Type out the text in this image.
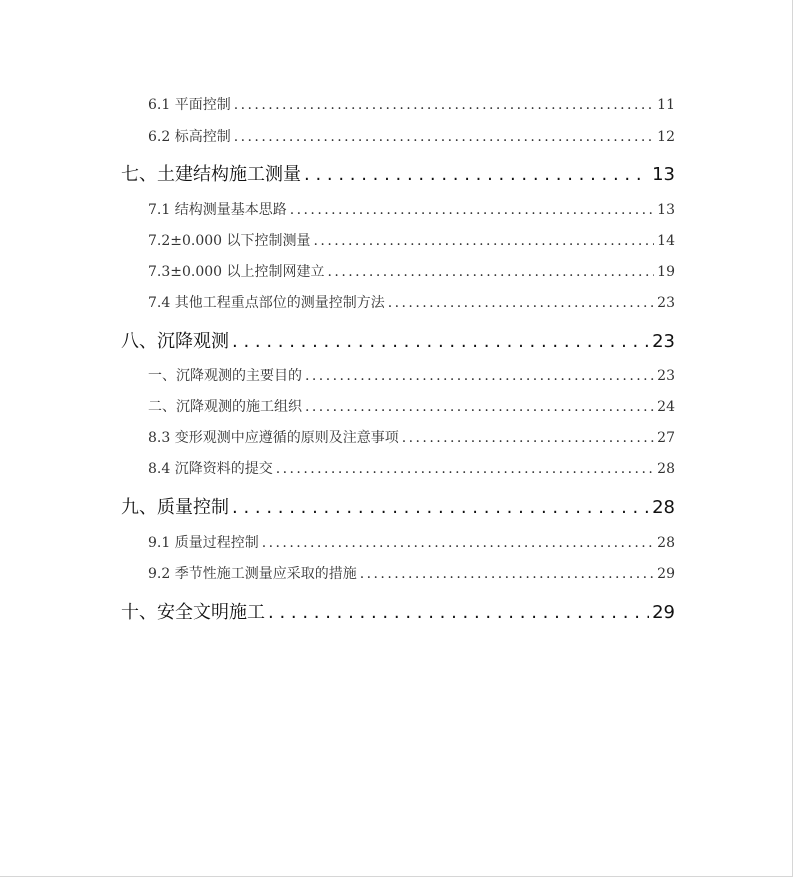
6.1 平面控制 . . .	11
6.2 标高控制 . . .	12
七、土建结构施工测量 . . .	13
7.1 结构测量基本思路 . . .	13
7.2±0.000 以下控制测量 . . .	14
7.3±0.000 以上控制网建立 . . .	19
7.4 其他工程重点部位的测量控制方法 . . .	23
八、沉降观测 . . .	23
一、沉降观测的主要目的 . . .	23
二、沉降观测的施工组织 . . .	24
8.3 变形观测中应遵循的原则及注意事项 . . .	27
8.4 沉降资料的提交 . . .	28
九、质量控制 . . .	28
9.1 质量过程控制 . . .	28
9.2 季节性施工测量应采取的措施 . . .	29
十、安全文明施工 . . .	29
